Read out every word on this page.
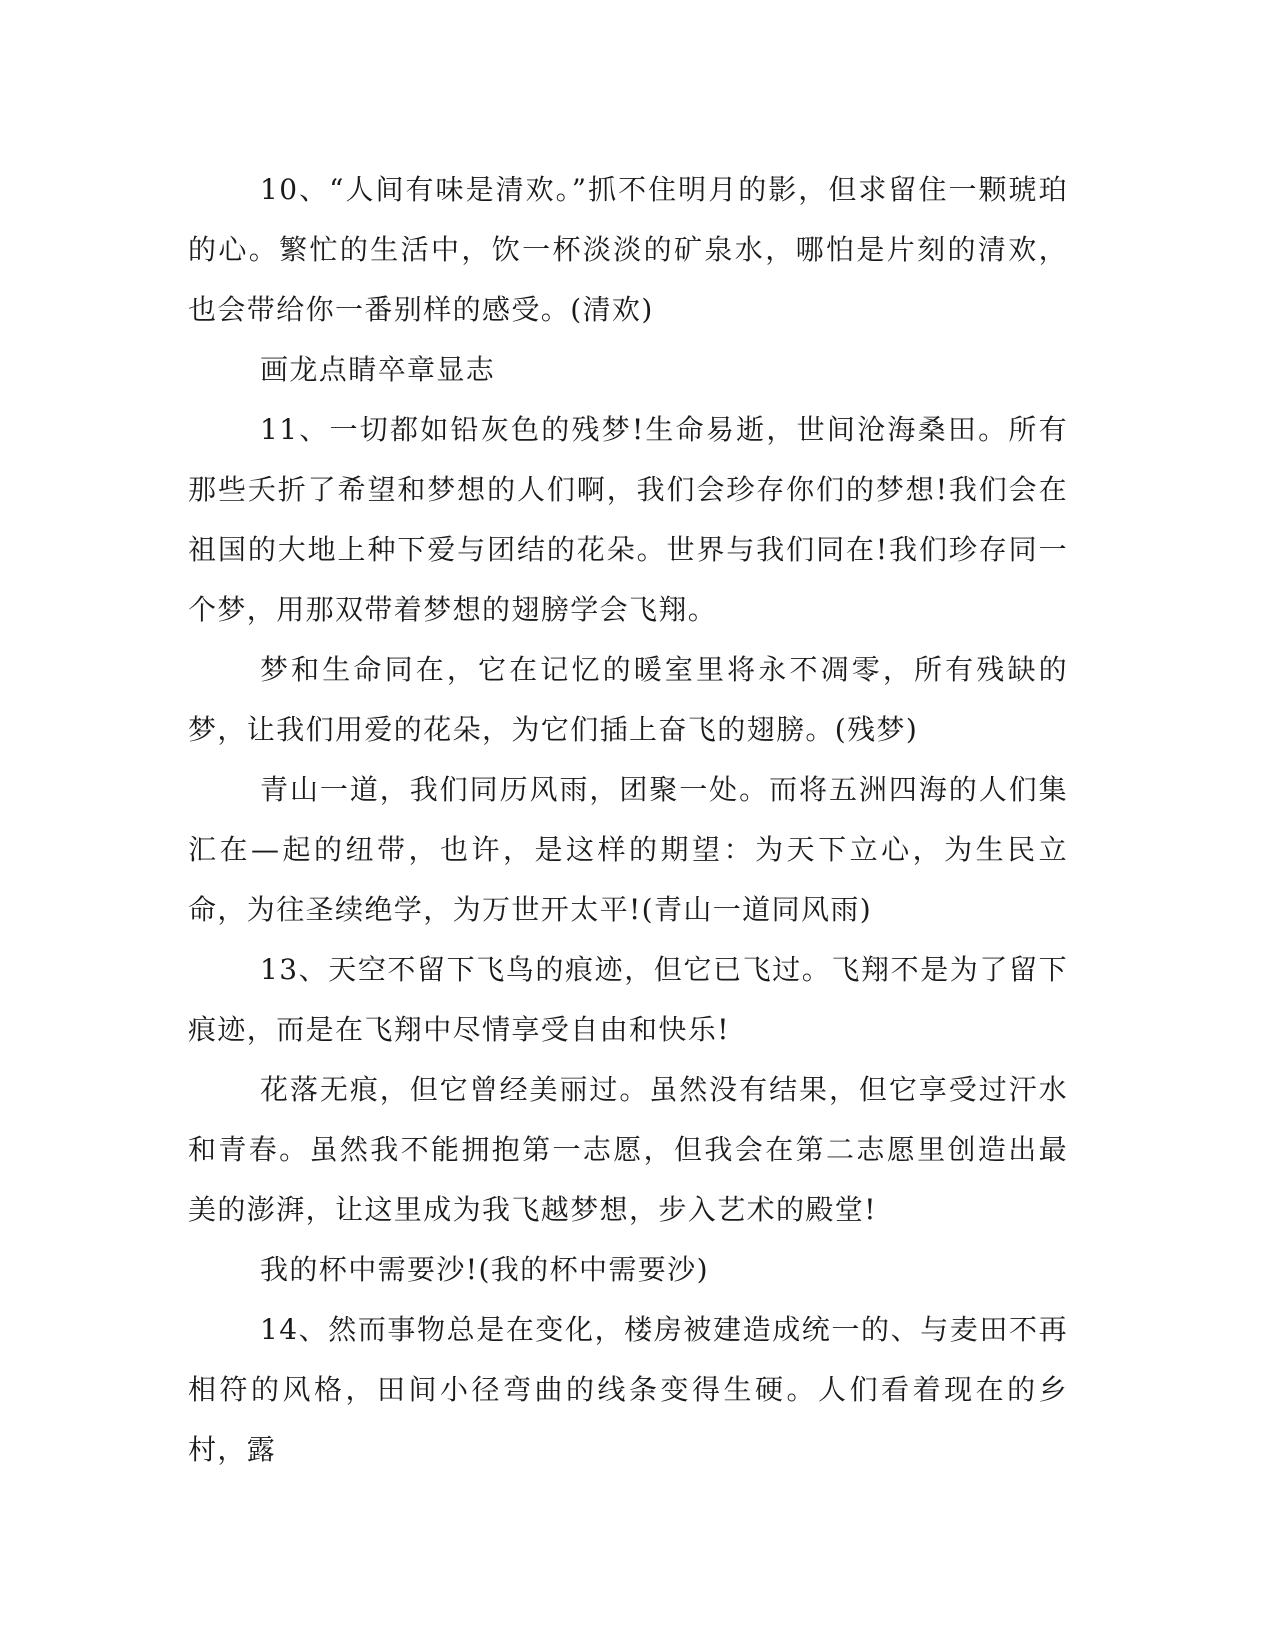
10、“人间有味是清欢。”抓不住明月的影，但求留住一颗琥珀的心。繁忙的生活中，饮一杯淡淡的矿泉水，哪怕是片刻的清欢，也会带给你一番别样的感受。(清欢)

画龙点睛卒章显志

11、一切都如铅灰色的残梦!生命易逝，世间沧海桑田。所有那些夭折了希望和梦想的人们啊，我们会珍存你们的梦想!我们会在祖国的大地上种下爱与团结的花朵。世界与我们同在!我们珍存同一个梦，用那双带着梦想的翅膀学会飞翔。

梦和生命同在，它在记忆的暖室里将永不凋零，所有残缺的梦，让我们用爱的花朵，为它们插上奋飞的翅膀。(残梦)

青山一道，我们同历风雨，团聚一处。而将五洲四海的人们集汇在—起的纽带，也许，是这样的期望：为天下立心，为生民立命，为往圣续绝学，为万世开太平!(青山一道同风雨)

13、天空不留下飞鸟的痕迹，但它已飞过。飞翔不是为了留下痕迹，而是在飞翔中尽情享受自由和快乐!

花落无痕，但它曾经美丽过。虽然没有结果，但它享受过汗水和青春。虽然我不能拥抱第一志愿，但我会在第二志愿里创造出最美的澎湃，让这里成为我飞越梦想，步入艺术的殿堂!

我的杯中需要沙!(我的杯中需要沙)

14、然而事物总是在变化，楼房被建造成统一的、与麦田不再相符的风格，田间小径弯曲的线条变得生硬。人们看着现在的乡村，露
